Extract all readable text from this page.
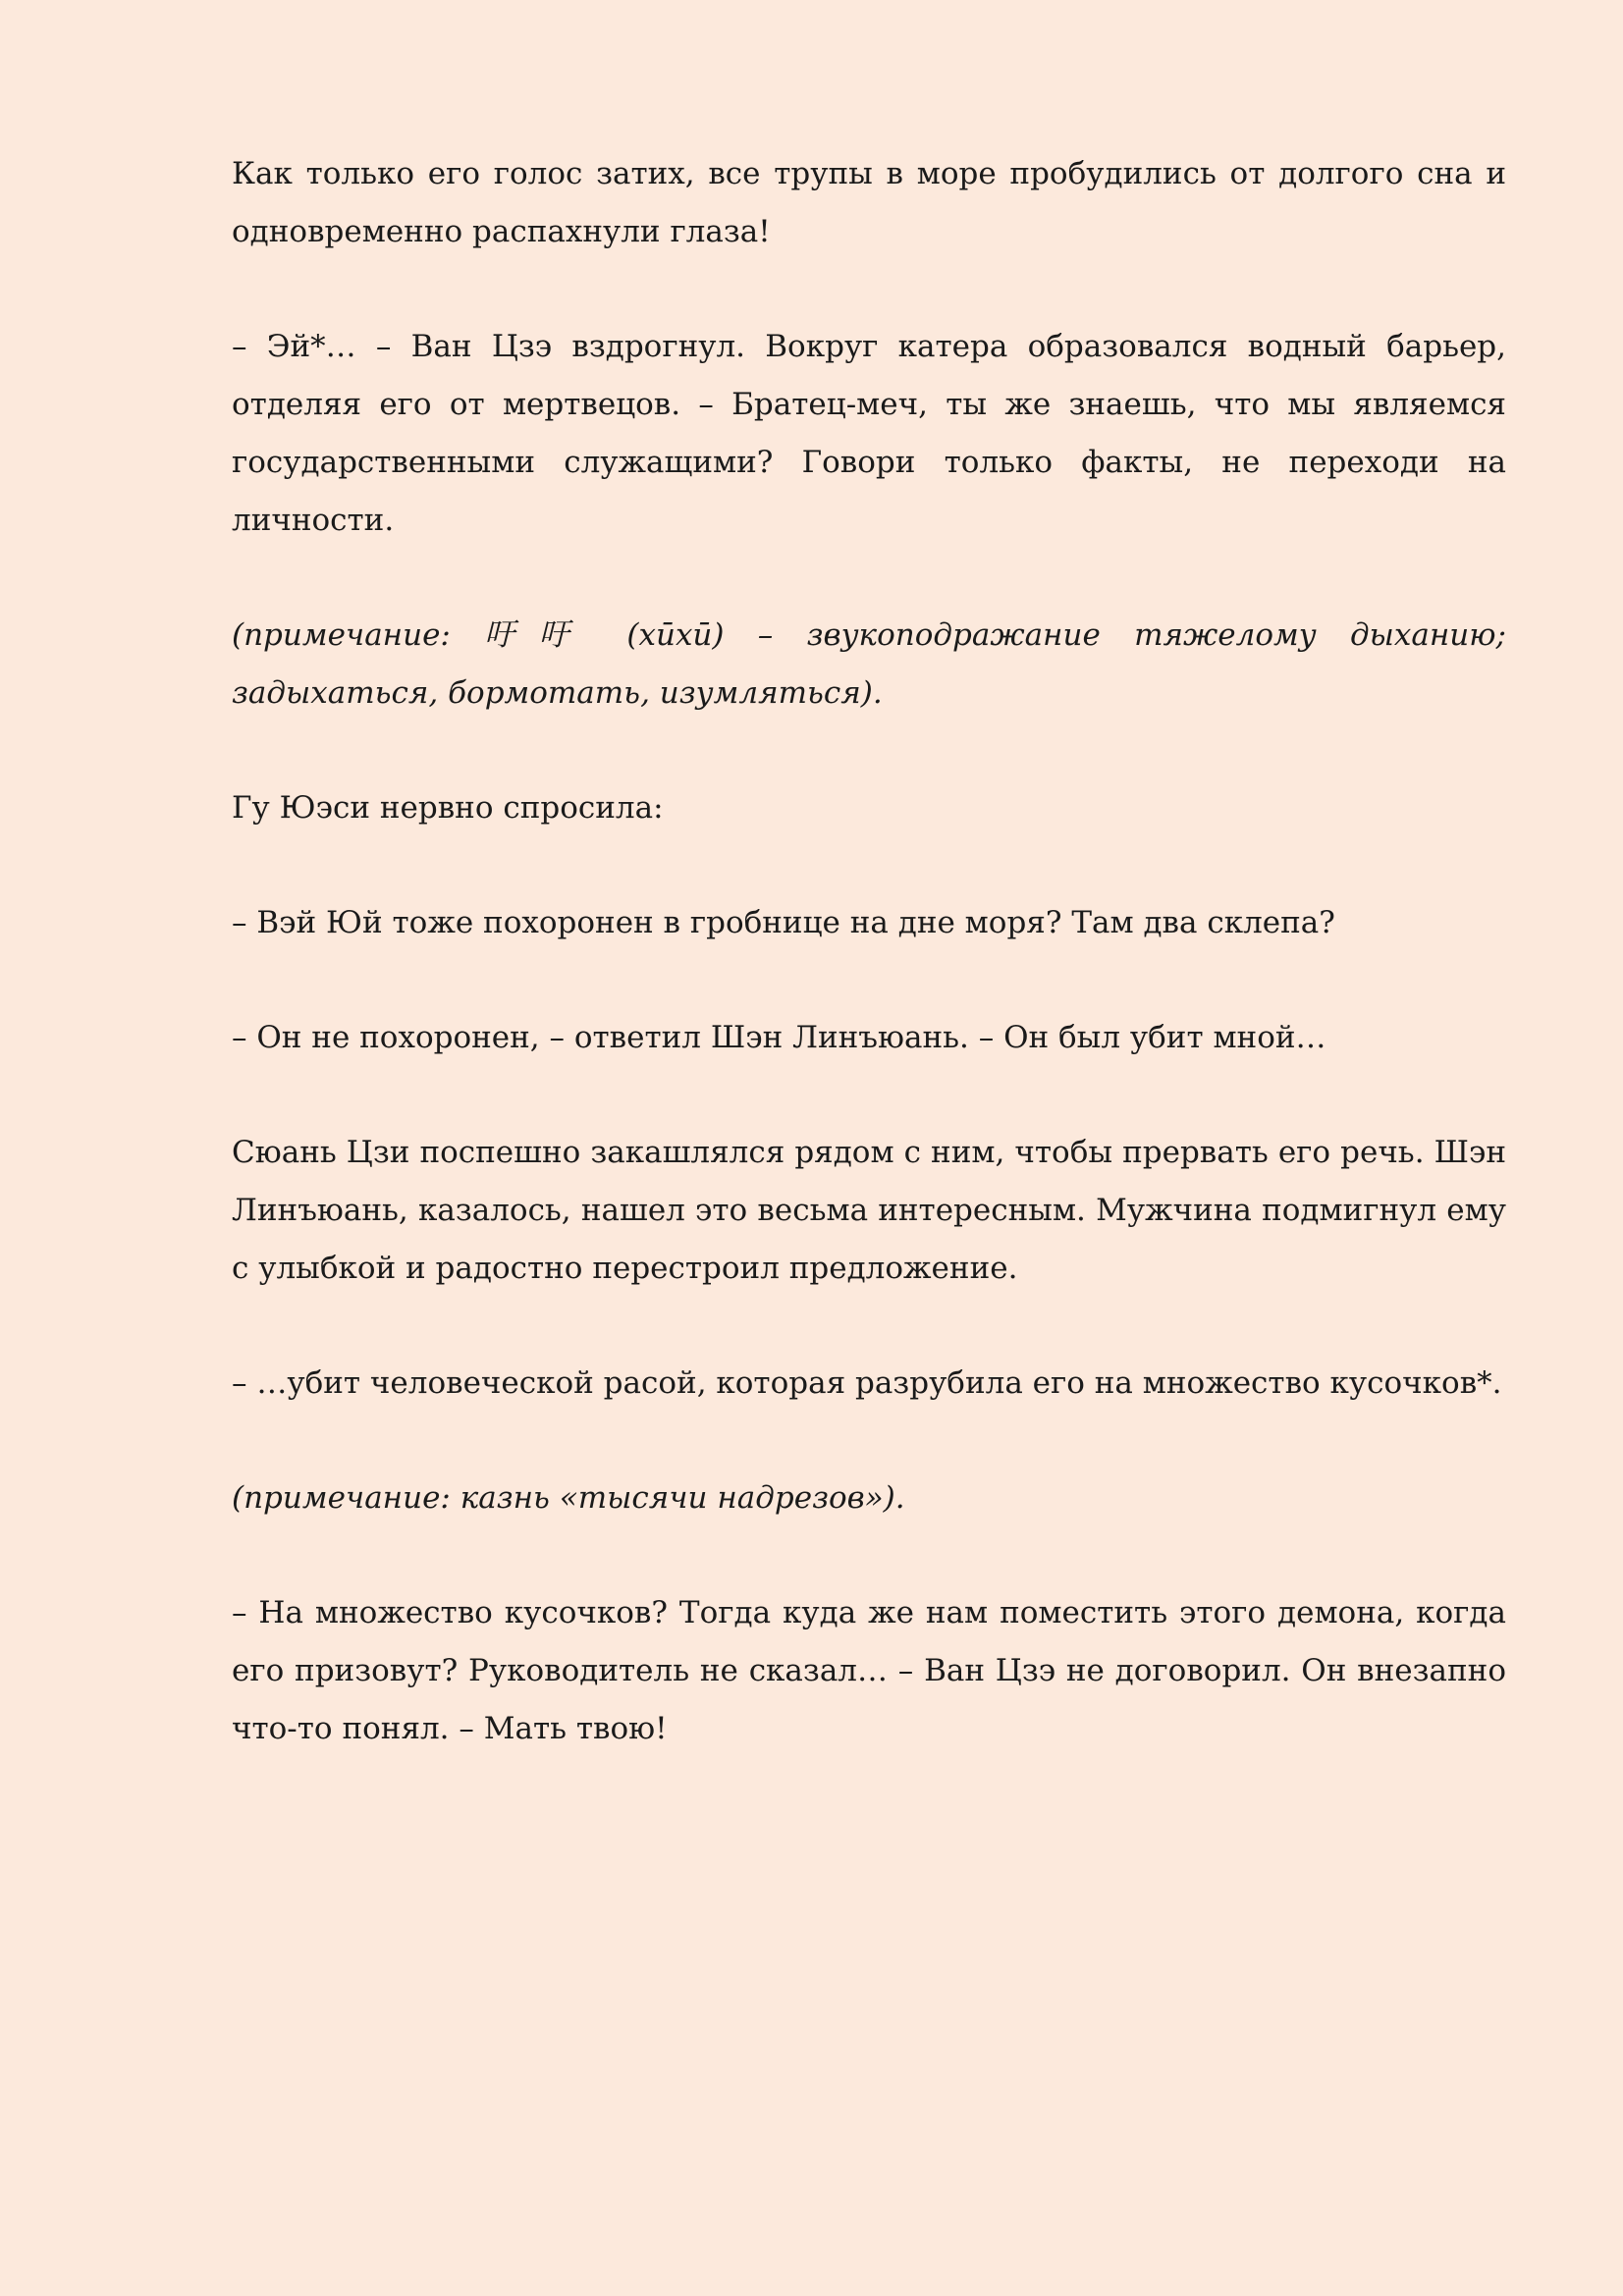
Как только его голос затих, все трупы в море пробудились от долгого сна и одновременно распахнули глаза!

– Эй*… – Ван Цзэ вздрогнул. Вокруг катера образовался водный барьер, отделяя его от мертвецов. – Братец-меч, ты же знаешь, что мы являемся государственными служащими? Говори только факты, не переходи на личности.

(примечание: 吁吁 (xūxū) – звукоподражание тяжелому дыханию; задыхаться, бормотать, изумляться).

Гу Юэси нервно спросила:

– Вэй Юй тоже похоронен в гробнице на дне моря? Там два склепа?

– Он не похоронен, – ответил Шэн Линъюань. – Он был убит мной…

Сюань Цзи поспешно закашлялся рядом с ним, чтобы прервать его речь. Шэн Линъюань, казалось, нашел это весьма интересным. Мужчина подмигнул ему с улыбкой и радостно перестроил предложение.

– …убит человеческой расой, которая разрубила его на множество кусочков*.

(примечание: казнь «тысячи надрезов»).

– На множество кусочков? Тогда куда же нам поместить этого демона, когда его призовут? Руководитель не сказал… – Ван Цзэ не договорил. Он внезапно что-то понял. – Мать твою!
